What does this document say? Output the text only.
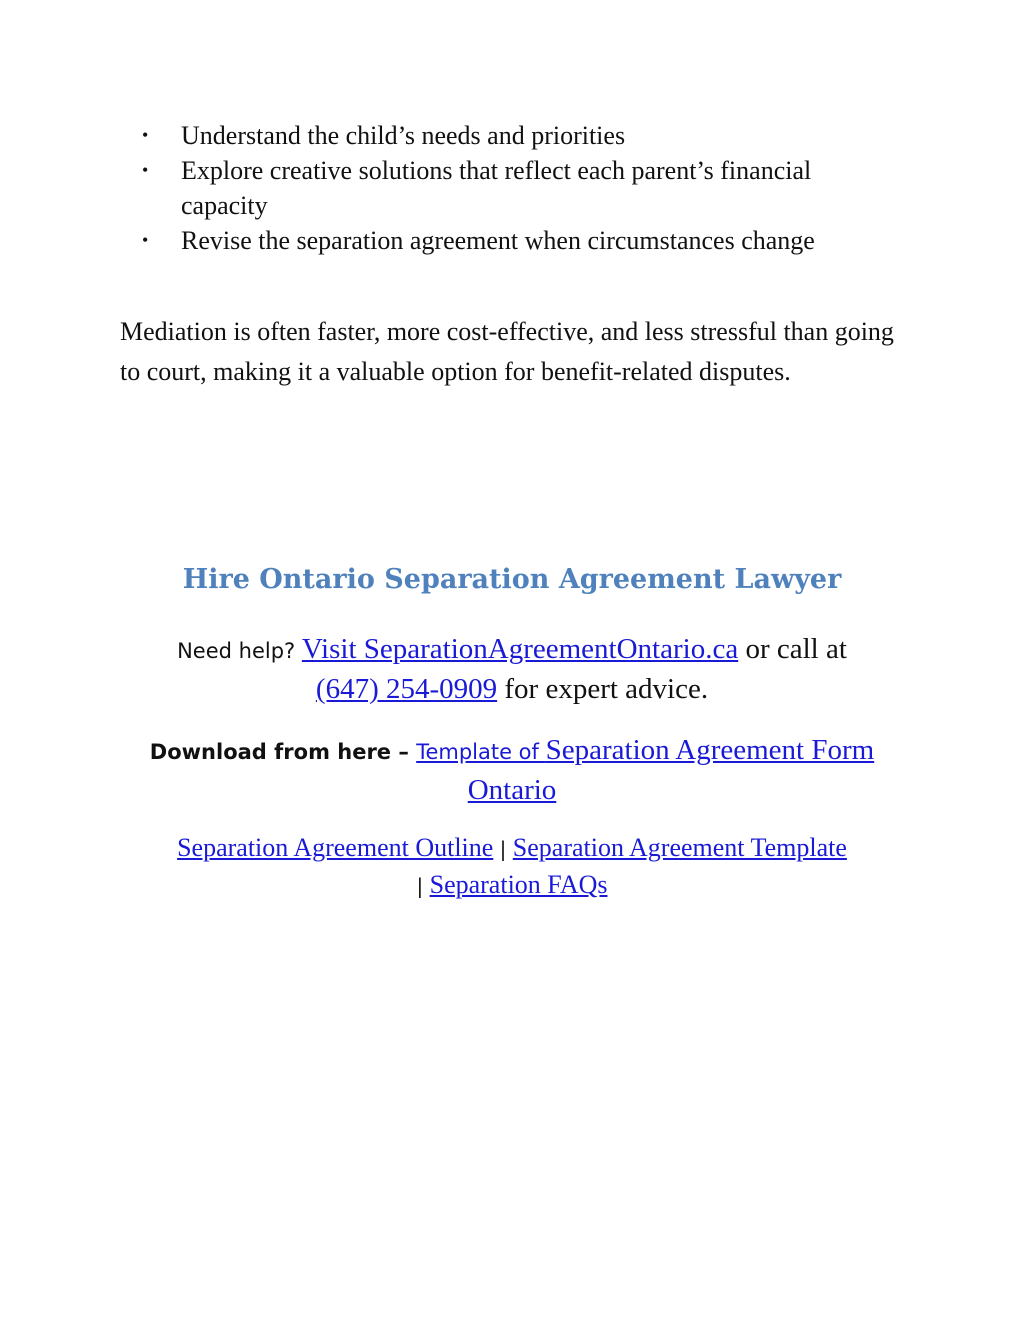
• Understand the child’s needs and priorities
• Explore creative solutions that reflect each parent’s financial capacity
• Revise the separation agreement when circumstances change

Mediation is often faster, more cost-effective, and less stressful than going to court, making it a valuable option for benefit-related disputes.

Hire Ontario Separation Agreement Lawyer

Need help? Visit SeparationAgreementOntario.ca or call at
(647) 254-0909 for expert advice.

Download from here – Template of Separation Agreement Form Ontario

Separation Agreement Outline | Separation Agreement Template
| Separation FAQs
